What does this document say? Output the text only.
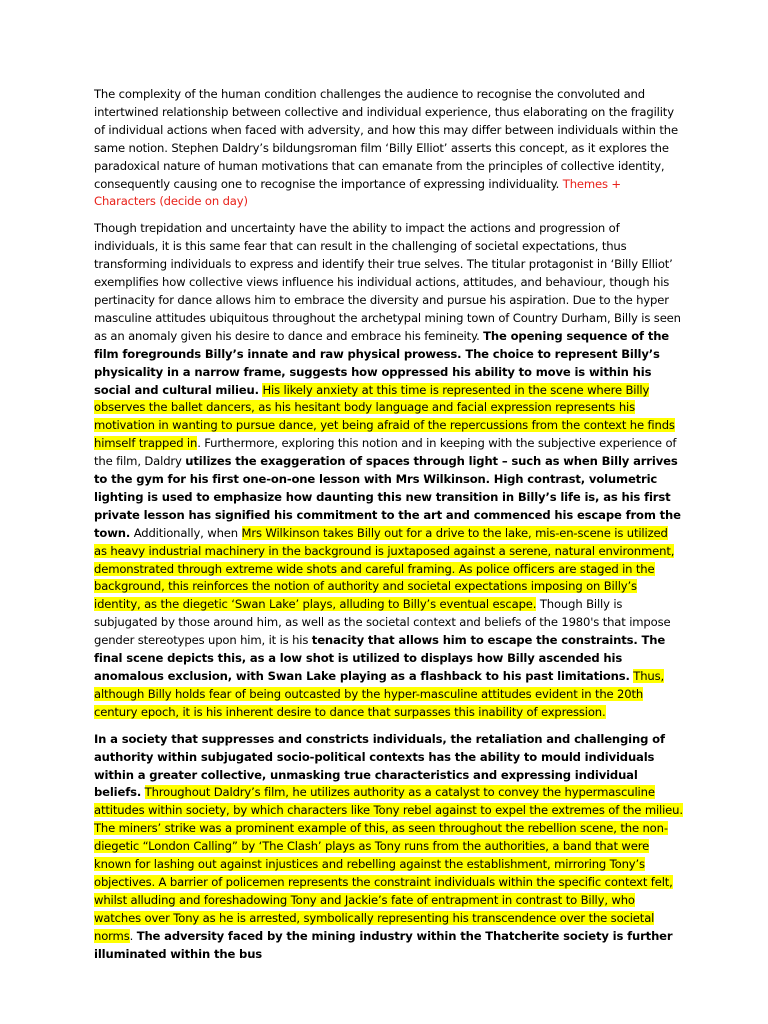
The complexity of the human condition challenges the audience to recognise the convoluted and intertwined relationship between collective and individual experience, thus elaborating on the fragility of individual actions when faced with adversity, and how this may differ between individuals within the same notion. Stephen Daldry’s bildungsroman film ‘Billy Elliot’ asserts this concept, as it explores the paradoxical nature of human motivations that can emanate from the principles of collective identity, consequently causing one to recognise the importance of expressing individuality. Themes + Characters (decide on day)

Though trepidation and uncertainty have the ability to impact the actions and progression of individuals, it is this same fear that can result in the challenging of societal expectations, thus transforming individuals to express and identify their true selves. The titular protagonist in ‘Billy Elliot’ exemplifies how collective views influence his individual actions, attitudes, and behaviour, though his pertinacity for dance allows him to embrace the diversity and pursue his aspiration. Due to the hyper masculine attitudes ubiquitous throughout the archetypal mining town of Country Durham, Billy is seen as an anomaly given his desire to dance and embrace his femineity. The opening sequence of the film foregrounds Billy’s innate and raw physical prowess. The choice to represent Billy’s physicality in a narrow frame, suggests how oppressed his ability to move is within his social and cultural milieu. His likely anxiety at this time is represented in the scene where Billy observes the ballet dancers, as his hesitant body language and facial expression represents his motivation in wanting to pursue dance, yet being afraid of the repercussions from the context he finds himself trapped in. Furthermore, exploring this notion and in keeping with the subjective experience of the film, Daldry utilizes the exaggeration of spaces through light – such as when Billy arrives to the gym for his first one-on-one lesson with Mrs Wilkinson. High contrast, volumetric lighting is used to emphasize how daunting this new transition in Billy’s life is, as his first private lesson has signified his commitment to the art and commenced his escape from the town. Additionally, when Mrs Wilkinson takes Billy out for a drive to the lake, mis-en-scene is utilized as heavy industrial machinery in the background is juxtaposed against a serene, natural environment, demonstrated through extreme wide shots and careful framing. As police officers are staged in the background, this reinforces the notion of authority and societal expectations imposing on Billy’s identity, as the diegetic ‘Swan Lake’ plays, alluding to Billy’s eventual escape. Though Billy is subjugated by those around him, as well as the societal context and beliefs of the 1980's that impose gender stereotypes upon him, it is his tenacity that allows him to escape the constraints. The final scene depicts this, as a low shot is utilized to displays how Billy ascended his anomalous exclusion, with Swan Lake playing as a flashback to his past limitations. Thus, although Billy holds fear of being outcasted by the hyper-masculine attitudes evident in the 20th century epoch, it is his inherent desire to dance that surpasses this inability of expression.

In a society that suppresses and constricts individuals, the retaliation and challenging of authority within subjugated socio-political contexts has the ability to mould individuals within a greater collective, unmasking true characteristics and expressing individual beliefs. Throughout Daldry’s film, he utilizes authority as a catalyst to convey the hypermasculine attitudes within society, by which characters like Tony rebel against to expel the extremes of the milieu. The miners’ strike was a prominent example of this, as seen throughout the rebellion scene, the non-diegetic “London Calling” by ‘The Clash’ plays as Tony runs from the authorities, a band that were known for lashing out against injustices and rebelling against the establishment, mirroring Tony’s objectives. A barrier of policemen represents the constraint individuals within the specific context felt, whilst alluding and foreshadowing Tony and Jackie’s fate of entrapment in contrast to Billy, who watches over Tony as he is arrested, symbolically representing his transcendence over the societal norms. The adversity faced by the mining industry within the Thatcherite society is further illuminated within the bus
